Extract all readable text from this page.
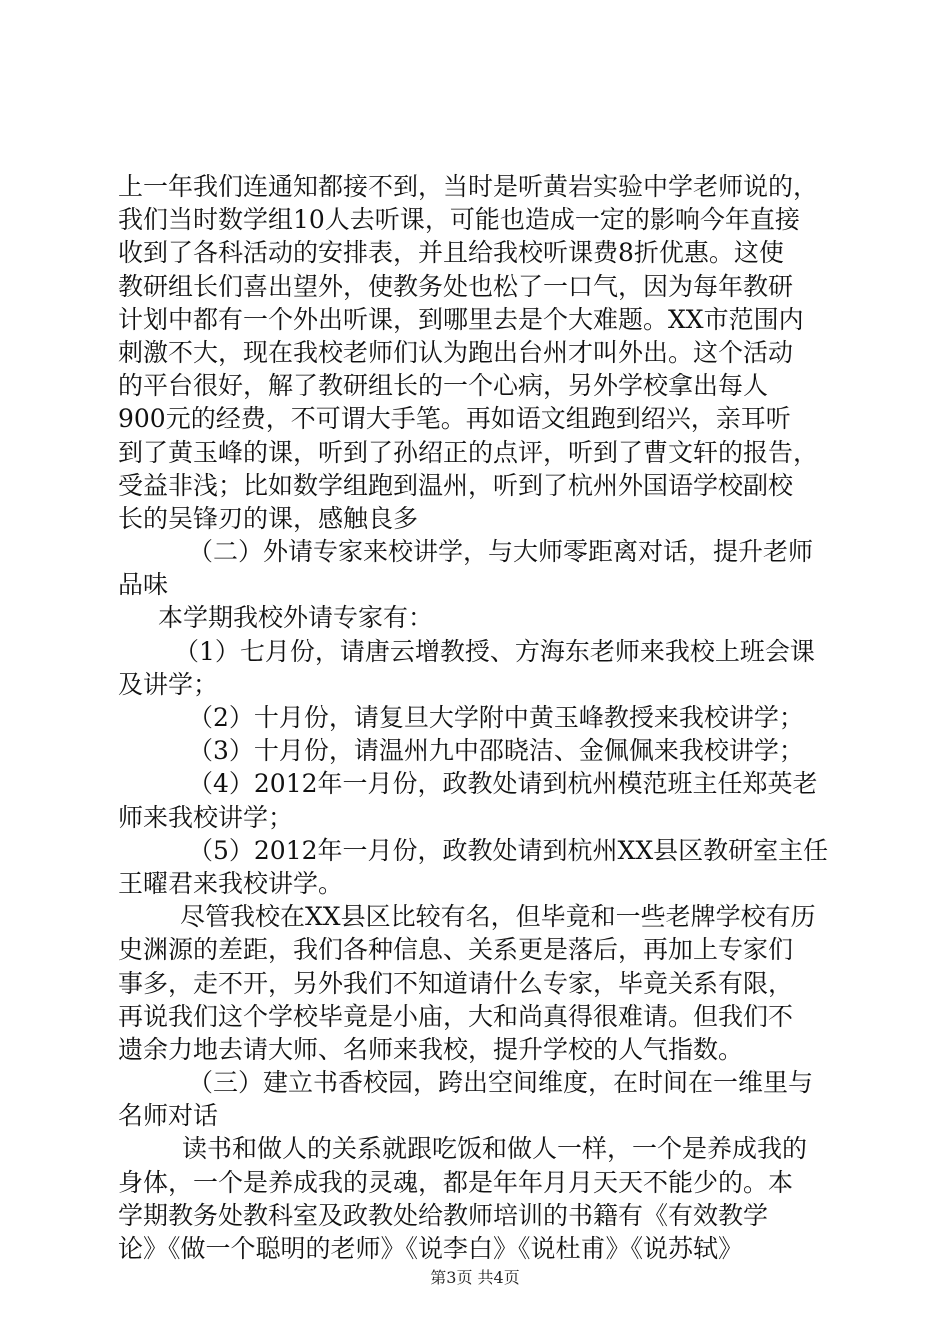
上一年我们连通知都接不到，当时是听黄岩实验中学老师说的，
我们当时数学组10人去听课，可能也造成一定的影响今年直接
收到了各科活动的安排表，并且给我校听课费8折优惠。这使
教研组长们喜出望外，使教务处也松了一口气，因为每年教研
计划中都有一个外出听课，到哪里去是个大难题。XX市范围内
刺激不大，现在我校老师们认为跑出台州才叫外出。这个活动
的平台很好，解了教研组长的一个心病，另外学校拿出每人
900元的经费，不可谓大手笔。再如语文组跑到绍兴，亲耳听
到了黄玉峰的课，听到了孙绍正的点评，听到了曹文轩的报告，
受益非浅；比如数学组跑到温州，听到了杭州外国语学校副校
长的吴锋刃的课，感触良多
（二）外请专家来校讲学，与大师零距离对话，提升老师
品味
本学期我校外请专家有：
（1）七月份，请唐云增教授、方海东老师来我校上班会课
及讲学；
（2）十月份，请复旦大学附中黄玉峰教授来我校讲学；
（3）十月份，请温州九中邵晓洁、金佩佩来我校讲学；
（4）2012年一月份，政教处请到杭州模范班主任郑英老
师来我校讲学；
（5）2012年一月份，政教处请到杭州XX县区教研室主任
王曜君来我校讲学。
尽管我校在XX县区比较有名，但毕竟和一些老牌学校有历
史渊源的差距，我们各种信息、关系更是落后，再加上专家们
事多，走不开，另外我们不知道请什么专家，毕竟关系有限，
再说我们这个学校毕竟是小庙，大和尚真得很难请。但我们不
遗余力地去请大师、名师来我校，提升学校的人气指数。
（三）建立书香校园，跨出空间维度，在时间在一维里与
名师对话
读书和做人的关系就跟吃饭和做人一样，一个是养成我的
身体，一个是养成我的灵魂，都是年年月月天天不能少的。本
学期教务处教科室及政教处给教师培训的书籍有《有效教学
论》《做一个聪明的老师》《说李白》《说杜甫》《说苏轼》
第3页 共4页
